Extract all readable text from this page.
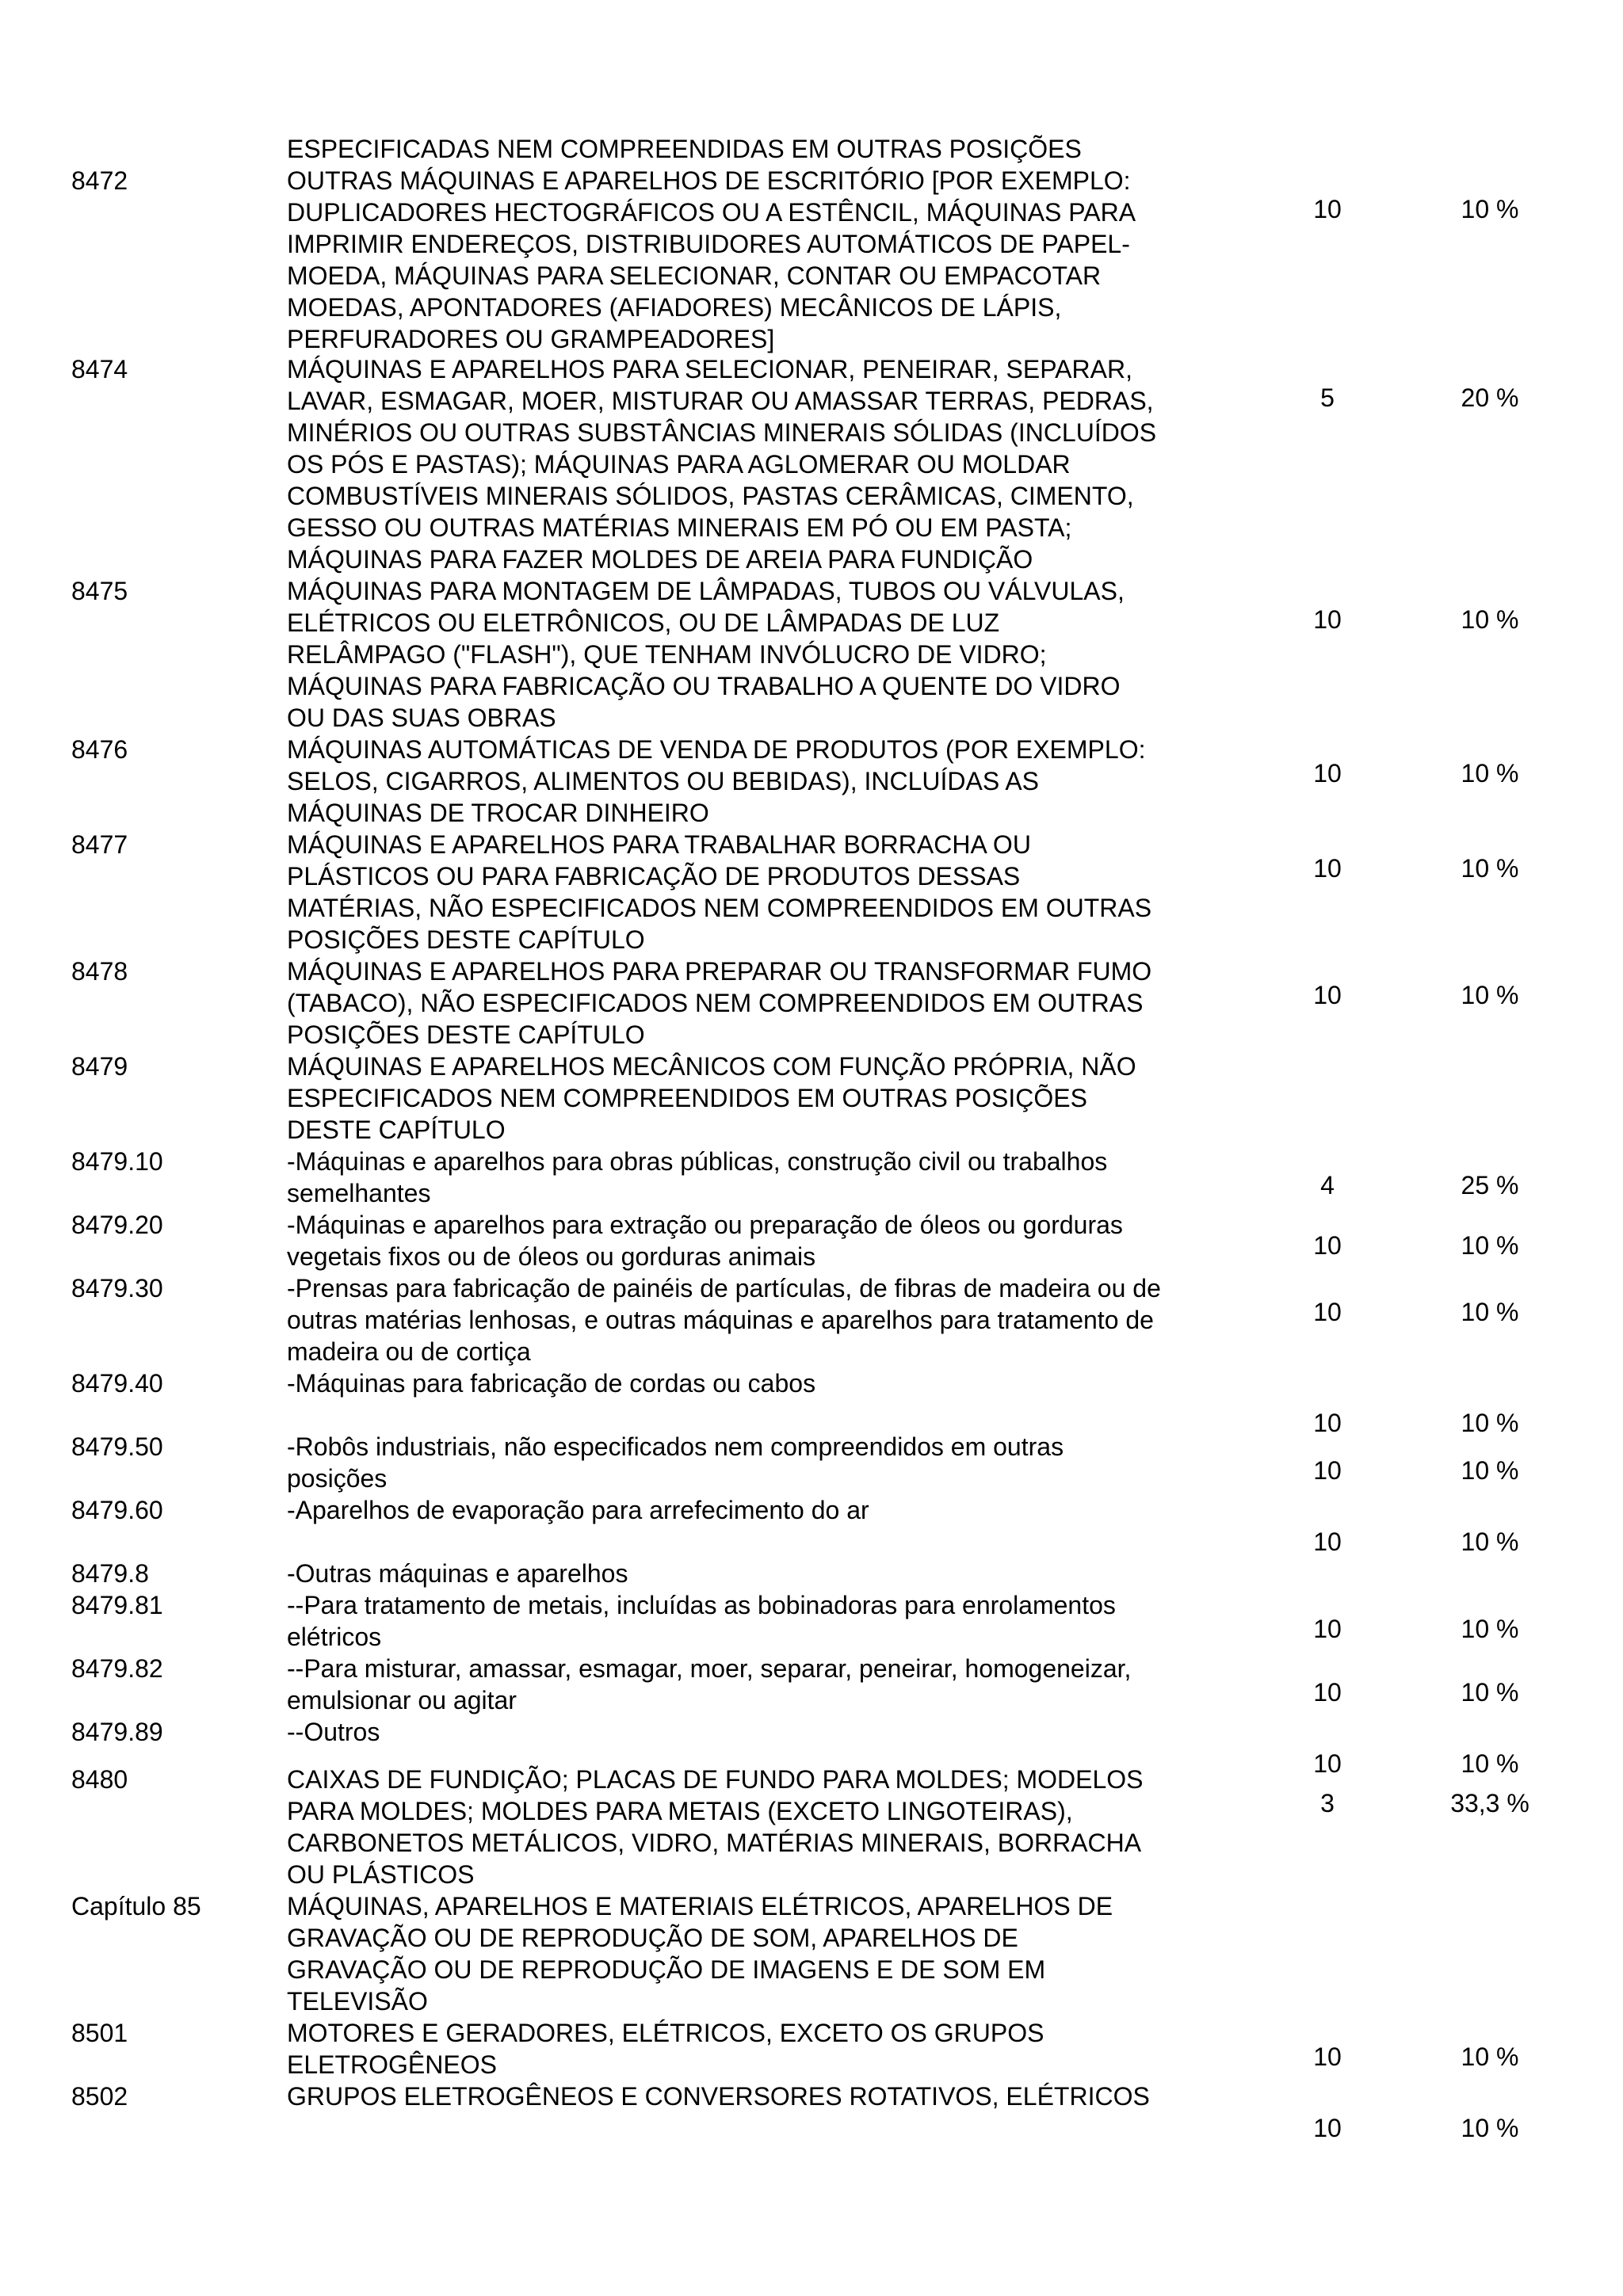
ESPECIFICADAS NEM COMPREENDIDAS EM OUTRAS POSIÇÕES
8472	OUTRAS MÁQUINAS E APARELHOS DE ESCRITÓRIO [POR EXEMPLO:
DUPLICADORES HECTOGRÁFICOS OU A ESTÊNCIL, MÁQUINAS PARA
IMPRIMIR ENDEREÇOS, DISTRIBUIDORES AUTOMÁTICOS DE PAPEL-
MOEDA, MÁQUINAS PARA SELECIONAR, CONTAR OU EMPACOTAR
MOEDAS, APONTADORES (AFIADORES) MECÂNICOS DE LÁPIS,
PERFURADORES OU GRAMPEADORES]
10	10 %
8474	MÁQUINAS E APARELHOS PARA SELECIONAR, PENEIRAR, SEPARAR,
LAVAR, ESMAGAR, MOER, MISTURAR OU AMASSAR TERRAS, PEDRAS,
MINÉRIOS OU OUTRAS SUBSTÂNCIAS MINERAIS SÓLIDAS (INCLUÍDOS
OS PÓS E PASTAS); MÁQUINAS PARA AGLOMERAR OU MOLDAR
COMBUSTÍVEIS MINERAIS SÓLIDOS, PASTAS CERÂMICAS, CIMENTO,
GESSO OU OUTRAS MATÉRIAS MINERAIS EM PÓ OU EM PASTA;
MÁQUINAS PARA FAZER MOLDES DE AREIA PARA FUNDIÇÃO
5	20 %
8475	MÁQUINAS PARA MONTAGEM DE LÂMPADAS, TUBOS OU VÁLVULAS,
ELÉTRICOS OU ELETRÔNICOS, OU DE LÂMPADAS DE LUZ
RELÂMPAGO ("FLASH"), QUE TENHAM INVÓLUCRO DE VIDRO;
MÁQUINAS PARA FABRICAÇÃO OU TRABALHO A QUENTE DO VIDRO
OU DAS SUAS OBRAS
10	10 %
8476	MÁQUINAS AUTOMÁTICAS DE VENDA DE PRODUTOS (POR EXEMPLO:
SELOS, CIGARROS, ALIMENTOS OU BEBIDAS), INCLUÍDAS AS
MÁQUINAS DE TROCAR DINHEIRO
10	10 %
8477	MÁQUINAS E APARELHOS PARA TRABALHAR BORRACHA OU
PLÁSTICOS OU PARA FABRICAÇÃO DE PRODUTOS DESSAS
MATÉRIAS, NÃO ESPECIFICADOS NEM COMPREENDIDOS EM OUTRAS
POSIÇÕES DESTE CAPÍTULO
10	10 %
8478	MÁQUINAS E APARELHOS PARA PREPARAR OU TRANSFORMAR FUMO
(TABACO), NÃO ESPECIFICADOS NEM COMPREENDIDOS EM OUTRAS
POSIÇÕES DESTE CAPÍTULO
10	10 %
8479	MÁQUINAS E APARELHOS MECÂNICOS COM FUNÇÃO PRÓPRIA, NÃO
ESPECIFICADOS NEM COMPREENDIDOS EM OUTRAS POSIÇÕES
DESTE CAPÍTULO
8479.10	-Máquinas e aparelhos para obras públicas, construção civil ou trabalhos
semelhantes	4	25 %
8479.20	-Máquinas e aparelhos para extração ou preparação de óleos ou gorduras
vegetais fixos ou de óleos ou gorduras animais	10	10 %
8479.30	-Prensas para fabricação de painéis de partículas, de fibras de madeira ou de
outras matérias lenhosas, e outras máquinas e aparelhos para tratamento de
madeira ou de cortiça
10	10 %
8479.40	-Máquinas para fabricação de cordas ou cabos
10	10 %
8479.50	-Robôs industriais, não especificados nem compreendidos em outras
posições	10	10 %
8479.60	-Aparelhos de evaporação para arrefecimento do ar
10	10 %
8479.8	-Outras máquinas e aparelhos
8479.81	--Para tratamento de metais, incluídas as bobinadoras para enrolamentos
elétricos	10	10 %
8479.82	--Para misturar, amassar, esmagar, moer, separar, peneirar, homogeneizar,
emulsionar ou agitar	10	10 %
8479.89	--Outros
10	10 %
8480	CAIXAS DE FUNDIÇÃO; PLACAS DE FUNDO PARA MOLDES; MODELOS
PARA MOLDES; MOLDES PARA METAIS (EXCETO LINGOTEIRAS),
CARBONETOS METÁLICOS, VIDRO, MATÉRIAS MINERAIS, BORRACHA
OU PLÁSTICOS
3	33,3 %
Capítulo 85	MÁQUINAS, APARELHOS E MATERIAIS ELÉTRICOS, APARELHOS DE
GRAVAÇÃO OU DE REPRODUÇÃO DE SOM, APARELHOS DE
GRAVAÇÃO OU DE REPRODUÇÃO DE IMAGENS E DE SOM EM
TELEVISÃO
8501	MOTORES E GERADORES, ELÉTRICOS, EXCETO OS GRUPOS
ELETROGÊNEOS	10	10 %
8502	GRUPOS ELETROGÊNEOS E CONVERSORES ROTATIVOS, ELÉTRICOS
10	10 %
